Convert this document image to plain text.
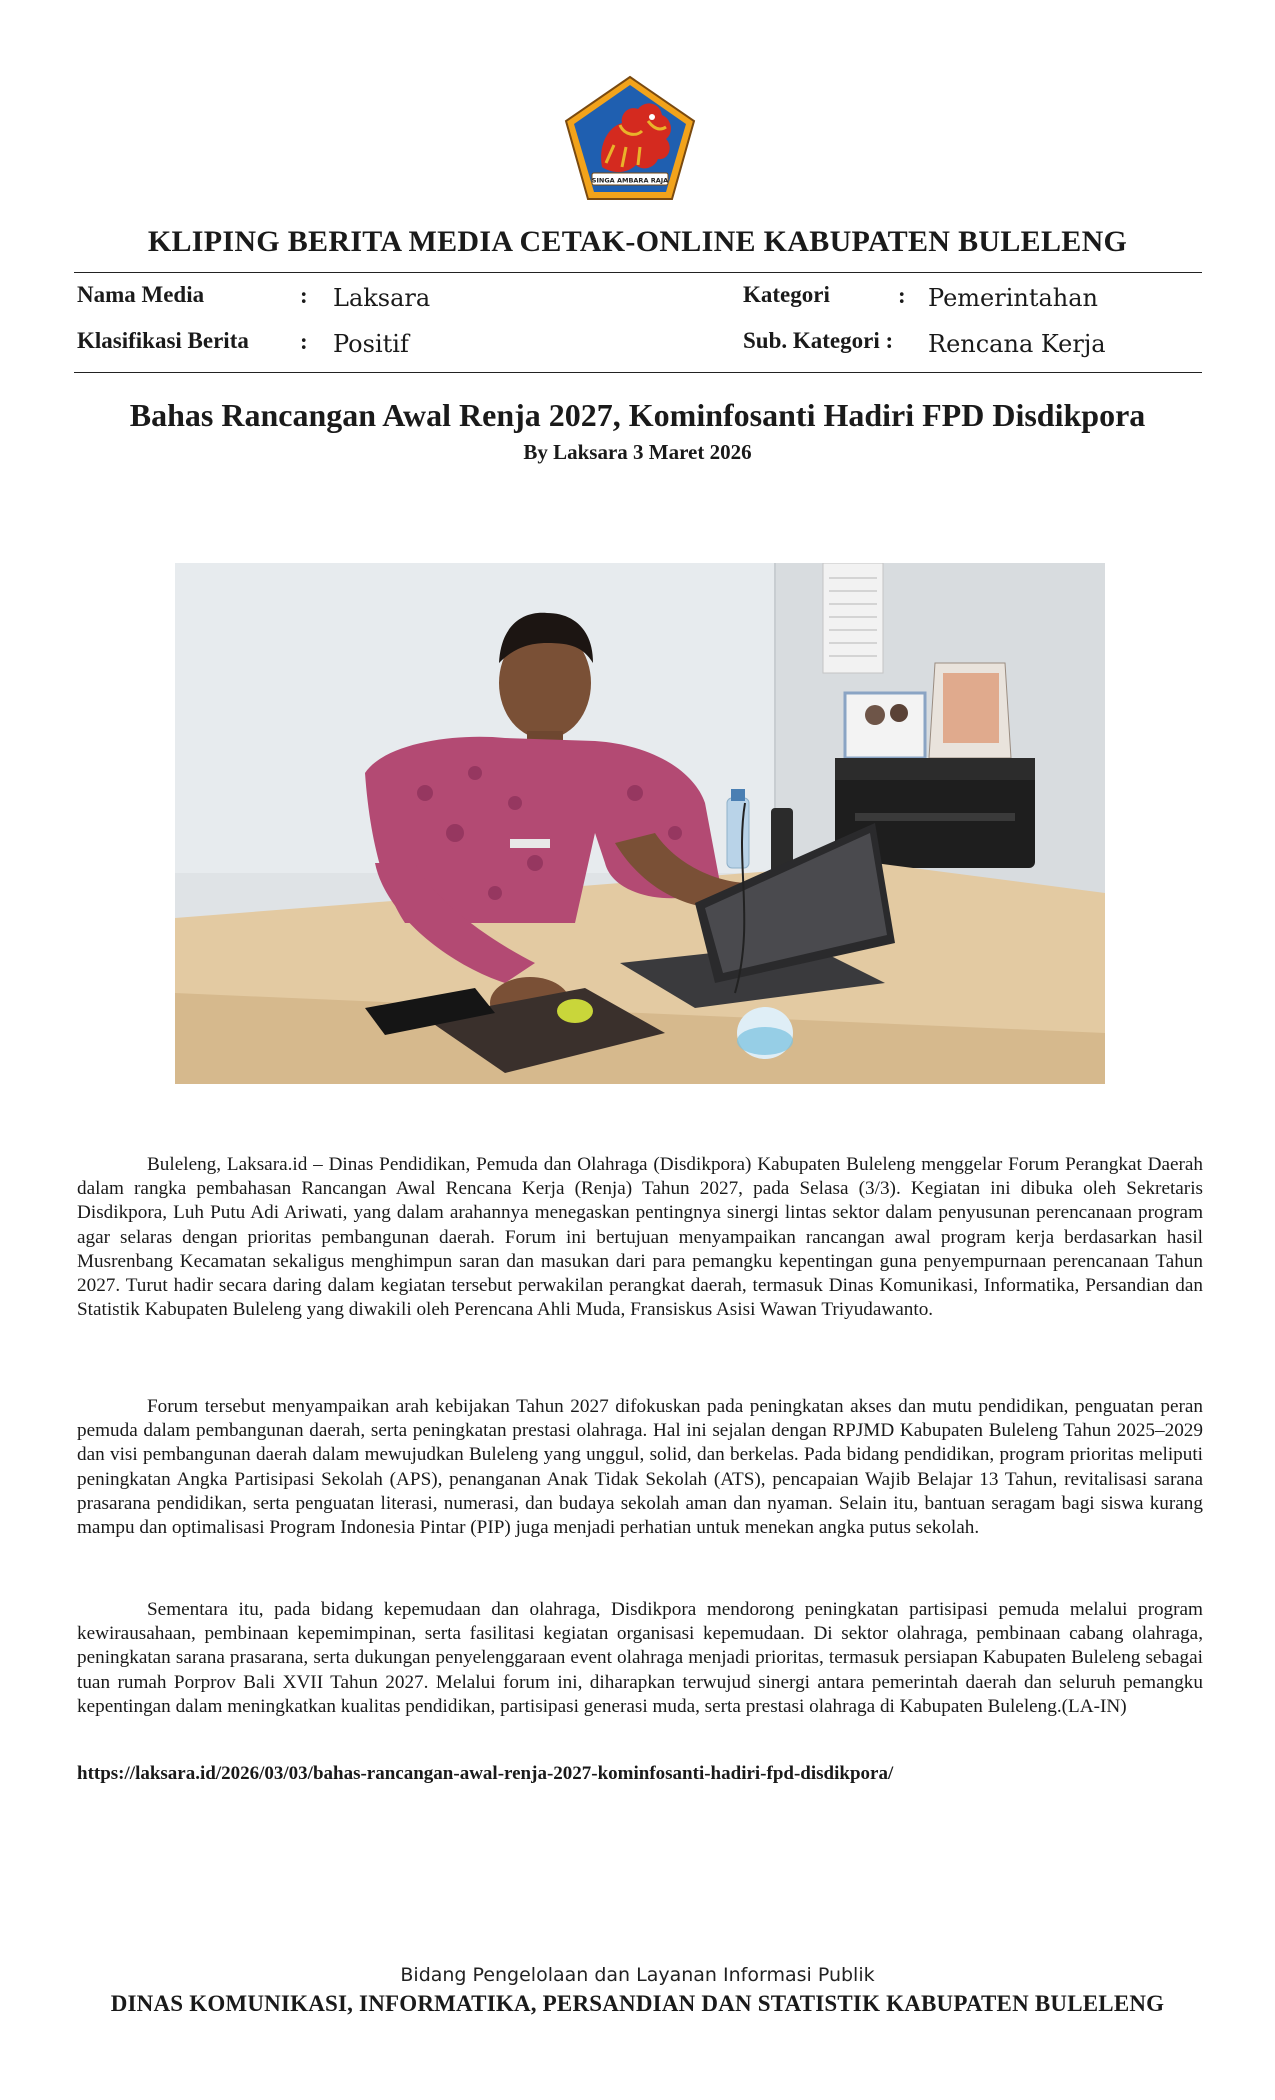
SINGA AMBARA RAJA
KLIPING BERITA MEDIA CETAK-ONLINE KABUPATEN BULELENG
Nama Media	: Laksara
Klasifikasi Berita : Positif
Kategori	: Pemerintahan
Sub. Kategori : Rencana Kerja
Bahas Rancangan Awal Renja 2027, Kominfosanti Hadiri FPD Disdikpora
By Laksara 3 Maret 2026
Buleleng, Laksara.id – Dinas Pendidikan, Pemuda dan Olahraga (Disdikpora) Kabupaten Buleleng menggelar Forum Perangkat Daerah dalam rangka pembahasan Rancangan Awal Rencana Kerja (Renja) Tahun 2027, pada Selasa (3/3). Kegiatan ini dibuka oleh Sekretaris Disdikpora, Luh Putu Adi Ariwati, yang dalam arahannya menegaskan pentingnya sinergi lintas sektor dalam penyusunan perencanaan program agar selaras dengan prioritas pembangunan daerah. Forum ini bertujuan menyampaikan rancangan awal program kerja berdasarkan hasil Musrenbang Kecamatan sekaligus menghimpun saran dan masukan dari para pemangku kepentingan guna penyempurnaan perencanaan Tahun 2027. Turut hadir secara daring dalam kegiatan tersebut perwakilan perangkat daerah, termasuk Dinas Komunikasi, Informatika, Persandian dan Statistik Kabupaten Buleleng yang diwakili oleh Perencana Ahli Muda, Fransiskus Asisi Wawan Triyudawanto.
Forum tersebut menyampaikan arah kebijakan Tahun 2027 difokuskan pada peningkatan akses dan mutu pendidikan, penguatan peran pemuda dalam pembangunan daerah, serta peningkatan prestasi olahraga. Hal ini sejalan dengan RPJMD Kabupaten Buleleng Tahun 2025–2029 dan visi pembangunan daerah dalam mewujudkan Buleleng yang unggul, solid, dan berkelas. Pada bidang pendidikan, program prioritas meliputi peningkatan Angka Partisipasi Sekolah (APS), penanganan Anak Tidak Sekolah (ATS), pencapaian Wajib Belajar 13 Tahun, revitalisasi sarana prasarana pendidikan, serta penguatan literasi, numerasi, dan budaya sekolah aman dan nyaman. Selain itu, bantuan seragam bagi siswa kurang mampu dan optimalisasi Program Indonesia Pintar (PIP) juga menjadi perhatian untuk menekan angka putus sekolah.
Sementara itu, pada bidang kepemudaan dan olahraga, Disdikpora mendorong peningkatan partisipasi pemuda melalui program kewirausahaan, pembinaan kepemimpinan, serta fasilitasi kegiatan organisasi kepemudaan. Di sektor olahraga, pembinaan cabang olahraga, peningkatan sarana prasarana, serta dukungan penyelenggaraan event olahraga menjadi prioritas, termasuk persiapan Kabupaten Buleleng sebagai tuan rumah Porprov Bali XVII Tahun 2027. Melalui forum ini, diharapkan terwujud sinergi antara pemerintah daerah dan seluruh pemangku kepentingan dalam meningkatkan kualitas pendidikan, partisipasi generasi muda, serta prestasi olahraga di Kabupaten Buleleng.(LA-IN)
https://laksara.id/2026/03/03/bahas-rancangan-awal-renja-2027-kominfosanti-hadiri-fpd-disdikpora/
Bidang Pengelolaan dan Layanan Informasi Publik
DINAS KOMUNIKASI, INFORMATIKA, PERSANDIAN DAN STATISTIK KABUPATEN BULELENG
